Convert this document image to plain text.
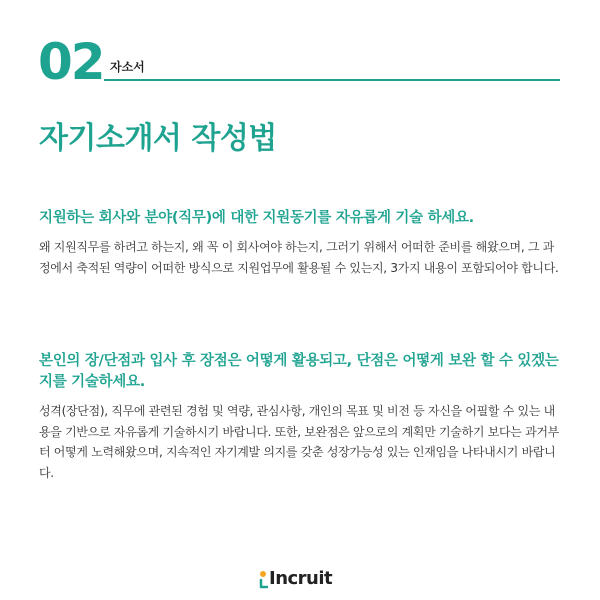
02 자소서
자기소개서 작성법
지원하는 회사와 분야(직무)에 대한 지원동기를 자유롭게 기술 하세요.

왜 지원직무를 하려고 하는지, 왜 꼭 이 회사여야 하는지, 그러기 위해서 어떠한 준비를 해왔으며, 그 과정에서 축적된 역량이 어떠한 방식으로 지원업무에 활용될 수 있는지, 3가지 내용이 포함되어야 합니다.

본인의 장/단점과 입사 후 장점은 어떻게 활용되고, 단점은 어떻게 보완 할 수 있겠는지를 기술하세요.

성격(장단점), 직무에 관련된 경험 및 역량, 관심사항, 개인의 목표 및 비전 등 자신을 어필할 수 있는 내용을 기반으로 자유롭게 기술하시기 바랍니다. 또한, 보완점은 앞으로의 계획만 기술하기 보다는 과거부터 어떻게 노력해왔으며, 지속적인 자기계발 의지를 갖춘 성장가능성 있는 인재임을 나타내시기 바랍니다.

Incruit
